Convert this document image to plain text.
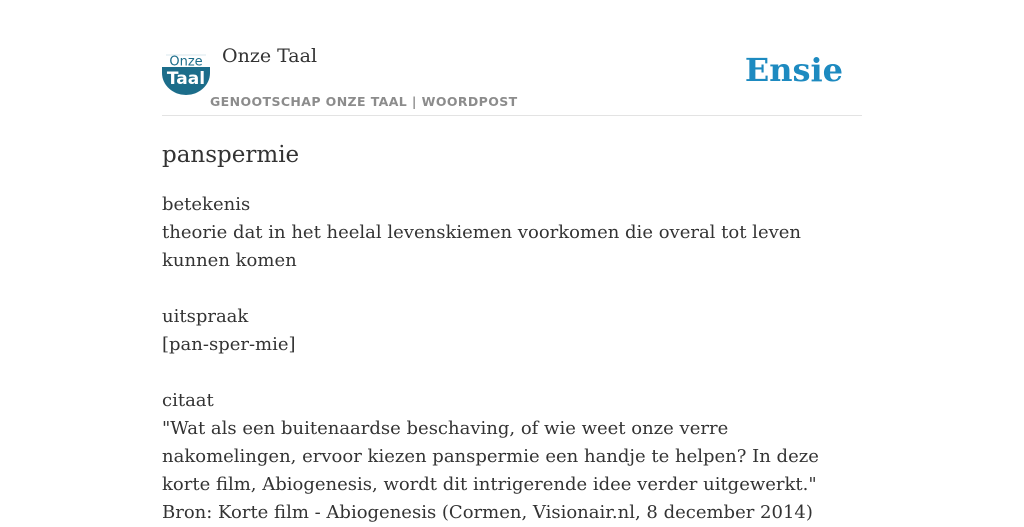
Onze
Taal
Onze Taal
GENOOTSCHAP ONZE TAAL | WOORDPOST
Ensie
panspermie

betekenis

theorie dat in het heelal levenskiemen voorkomen die overal tot leven kunnen komen

uitspraak

[pan-sper-mie]

citaat

"Wat als een buitenaardse beschaving, of wie weet onze verre nakomelingen, ervoor kiezen panspermie een handje te helpen? In deze korte film, Abiogenesis, wordt dit intrigerende idee verder uitgewerkt."

Bron: Korte film - Abiogenesis (Cormen, Visionair.nl, 8 december 2014)
